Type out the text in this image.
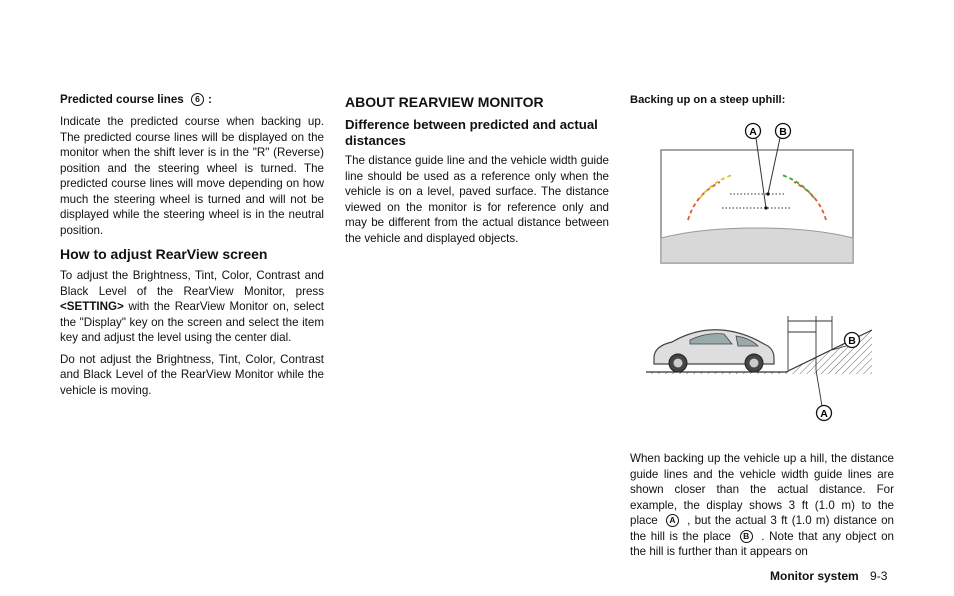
Predicted course lines 6 :

Indicate the predicted course when backing up. The predicted course lines will be displayed on the monitor when the shift lever is in the "R" (Reverse) position and the steering wheel is turned. The predicted course lines will move depending on how much the steering wheel is turned and will not be displayed while the steering wheel is in the neutral position.

How to adjust RearView screen

To adjust the Brightness, Tint, Color, Contrast and Black Level of the RearView Monitor, press <SETTING> with the RearView Monitor on, select the "Display" key on the screen and select the item key and adjust the level using the center dial.

Do not adjust the Brightness, Tint, Color, Contrast and Black Level of the RearView Monitor while the vehicle is moving.

ABOUT REARVIEW MONITOR
Difference between predicted and actual distances

The distance guide line and the vehicle width guide line should be used as a reference only when the vehicle is on a level, paved surface. The distance viewed on the monitor is for reference only and may be different from the actual distance between the vehicle and displayed objects.

Backing up on a steep uphill:
A B
B
A

When backing up the vehicle up a hill, the distance guide lines and the vehicle width guide lines are shown closer than the actual distance. For example, the display shows 3 ft (1.0 m) to the place A , but the actual 3 ft (1.0 m) distance on the hill is the place B . Note that any object on the hill is further than it appears on

Monitor system 9-3
